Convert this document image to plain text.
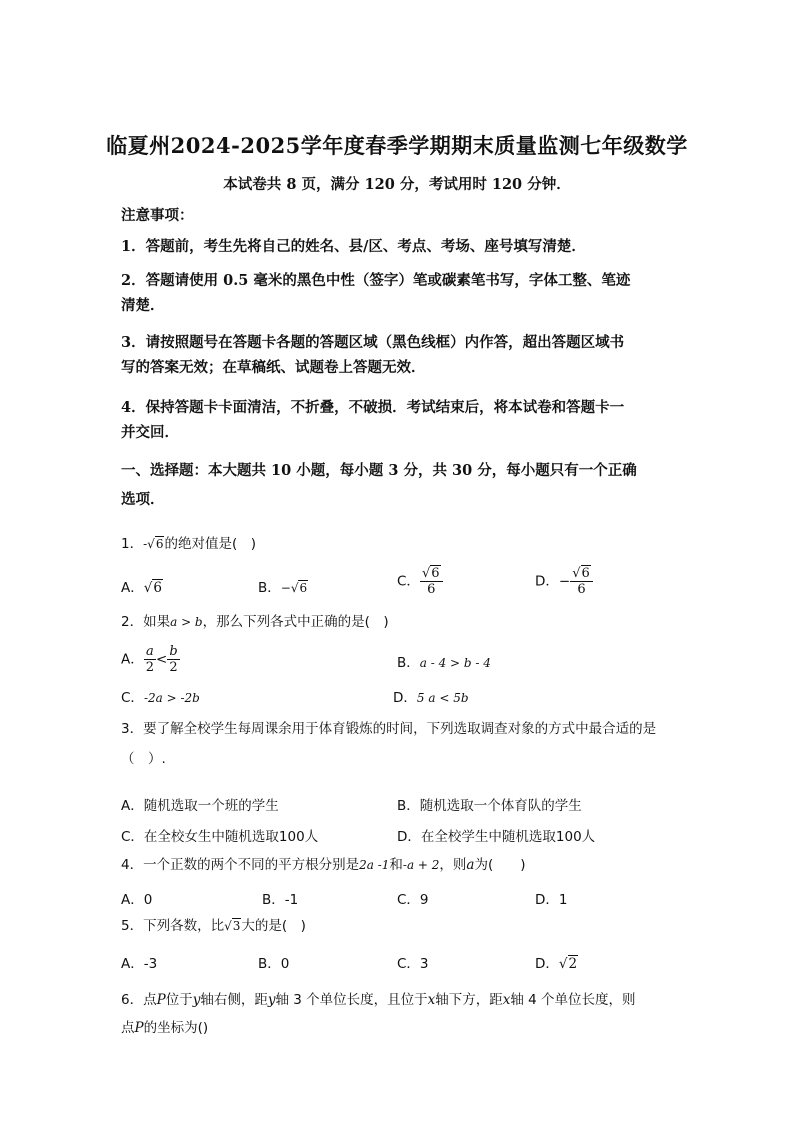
临夏州2024-2025学年度春季学期期末质量监测七年级数学
本试卷共 8 页，满分 120 分，考试用时 120 分钟．
注意事项：
1．答题前，考生先将自己的姓名、县/区、考点、考场、座号填写清楚．
2．答题请使用 0.5 毫米的黑色中性（签字）笔或碳素笔书写，字体工整、笔迹
清楚．
3．请按照题号在答题卡各题的答题区域（黑色线框）内作答，超出答题区域书
写的答案无效；在草稿纸、试题卷上答题无效．
4．保持答题卡卡面清洁，不折叠，不破损．考试结束后，将本试卷和答题卡一
并交回．
一、选择题：本大题共 10 小题，每小题 3 分，共 30 分，每小题只有一个正确
选项．
1．-√6的绝对值是(　)
A．√6	B．−√6	C． $\frac{√6}{6}$	D．− $\frac{√6}{6}$
2．如果a > b，那么下列各式中正确的是(　)
A． $\frac{a}{2} < \frac{b}{2}$	B．a - 4 > b - 4
C．-2a > -2b	D．5 a < 5b
3．要了解全校学生每周课余用于体育锻炼的时间，下列选取调查对象的方式中最合适的是
（　）.
A．随机选取一个班的学生	B．随机选取一个体育队的学生
C．在全校女生中随机选取100人	D．在全校学生中随机选取100人
4．一个正数的两个不同的平方根分别是2a -1和-a + 2，则a为(　　)
A．0	B．-1	C．9	D．1
5．下列各数，比√3大的是(　)
A．-3	B．0	C．3	D．√2
6．点P位于y轴右侧，距y轴 3 个单位长度，且位于x轴下方，距x轴 4 个单位长度，则
点P的坐标为()
